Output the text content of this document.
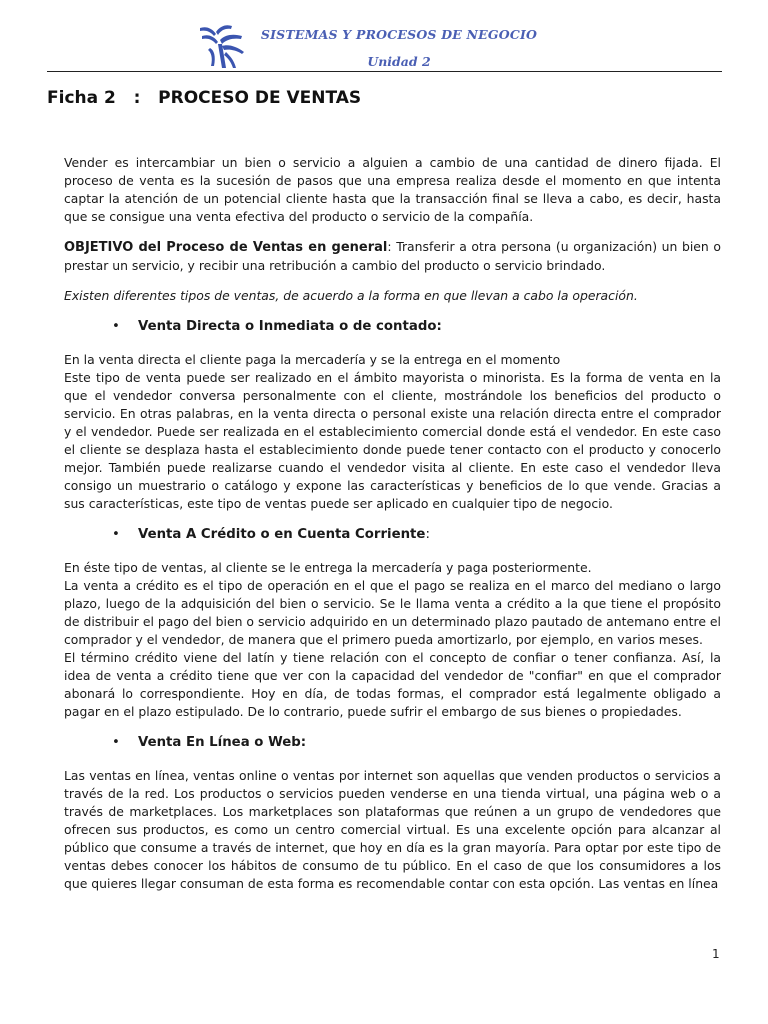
SISTEMAS Y PROCESOS DE NEGOCIO
Unidad 2
Ficha 2   :   PROCESO DE VENTAS

Vender es intercambiar un bien o servicio a alguien a cambio de una cantidad de dinero fijada. El proceso de venta es la sucesión de pasos que una empresa realiza desde el momento en que intenta captar la atención de un potencial cliente hasta que la transacción final se lleva a cabo, es decir, hasta que se consigue una venta efectiva del producto o servicio de la compañía.

OBJETIVO del Proceso de Ventas en general: Transferir a otra persona (u organización) un bien o prestar un servicio, y recibir una retribución a cambio del producto o servicio brindado.

Existen diferentes tipos de ventas, de acuerdo a la forma en que llevan a cabo la operación.

• Venta Directa o Inmediata o de contado:

En la venta directa el cliente paga la mercadería y se la entrega en el momento

Este tipo de venta puede ser realizado en el ámbito mayorista o minorista. Es la forma de venta en la que el vendedor conversa personalmente con el cliente, mostrándole los beneficios del producto o servicio. En otras palabras, en la venta directa o personal existe una relación directa entre el comprador y el vendedor. Puede ser realizada en el establecimiento comercial donde está el vendedor. En este caso el cliente se desplaza hasta el establecimiento donde puede tener contacto con el producto y conocerlo mejor. También puede realizarse cuando el vendedor visita al cliente. En este caso el vendedor lleva consigo un muestrario o catálogo y expone las características y beneficios de lo que vende. Gracias a sus características, este tipo de ventas puede ser aplicado en cualquier tipo de negocio.

• Venta A Crédito o en Cuenta Corriente:

En éste tipo de ventas, al cliente se le entrega la mercadería y paga posteriormente.

La venta a crédito es el tipo de operación en el que el pago se realiza en el marco del mediano o largo plazo, luego de la adquisición del bien o servicio. Se le llama venta a crédito a la que tiene el propósito de distribuir el pago del bien o servicio adquirido en un determinado plazo pautado de antemano entre el comprador y el vendedor, de manera que el primero pueda amortizarlo, por ejemplo, en varios meses.

El término crédito viene del latín y tiene relación con el concepto de confiar o tener confianza. Así, la idea de venta a crédito tiene que ver con la capacidad del vendedor de "confiar" en que el comprador abonará lo correspondiente. Hoy en día, de todas formas, el comprador está legalmente obligado a pagar en el plazo estipulado. De lo contrario, puede sufrir el embargo de sus bienes o propiedades.

• Venta En Línea o Web:

Las ventas en línea, ventas online o ventas por internet son aquellas que venden productos o servicios a través de la red. Los productos o servicios pueden venderse en una tienda virtual, una página web o a través de marketplaces. Los marketplaces son plataformas que reúnen a un grupo de vendedores que ofrecen sus productos, es como un centro comercial virtual. Es una excelente opción para alcanzar al público que consume a través de internet, que hoy en día es la gran mayoría. Para optar por este tipo de ventas debes conocer los hábitos de consumo de tu público. En el caso de que los consumidores a los que quieres llegar consuman de esta forma es recomendable contar con esta opción. Las ventas en línea

1
